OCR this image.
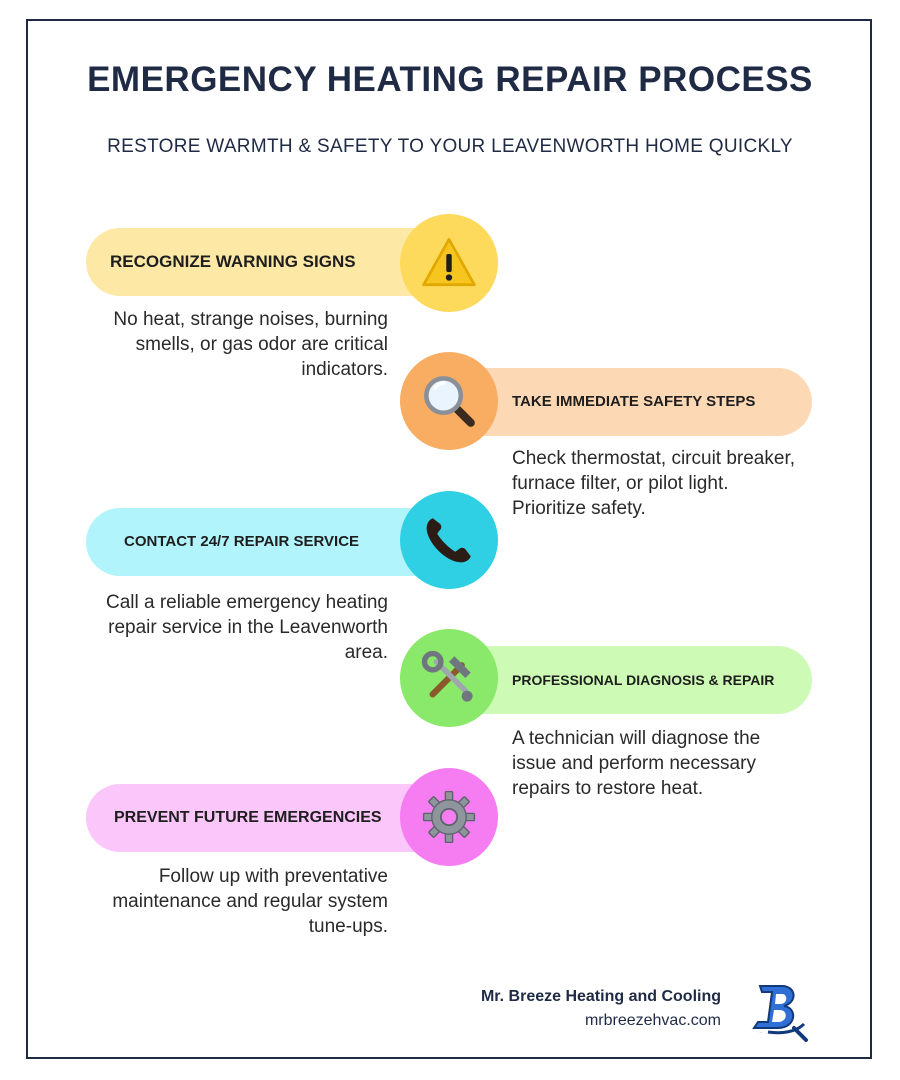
EMERGENCY HEATING REPAIR PROCESS

RESTORE WARMTH & SAFETY TO YOUR LEAVENWORTH HOME QUICKLY

RECOGNIZE WARNING SIGNS

No heat, strange noises, burning smells, or gas odor are critical indicators.

TAKE IMMEDIATE SAFETY STEPS

Check thermostat, circuit breaker, furnace filter, or pilot light. Prioritize safety.

CONTACT 24/7 REPAIR SERVICE

Call a reliable emergency heating repair service in the Leavenworth area.

PROFESSIONAL DIAGNOSIS & REPAIR

A technician will diagnose the issue and perform necessary repairs to restore heat.

PREVENT FUTURE EMERGENCIES

Follow up with preventative maintenance and regular system tune-ups.

Mr. Breeze Heating and Cooling

mrbreezehvac.com
